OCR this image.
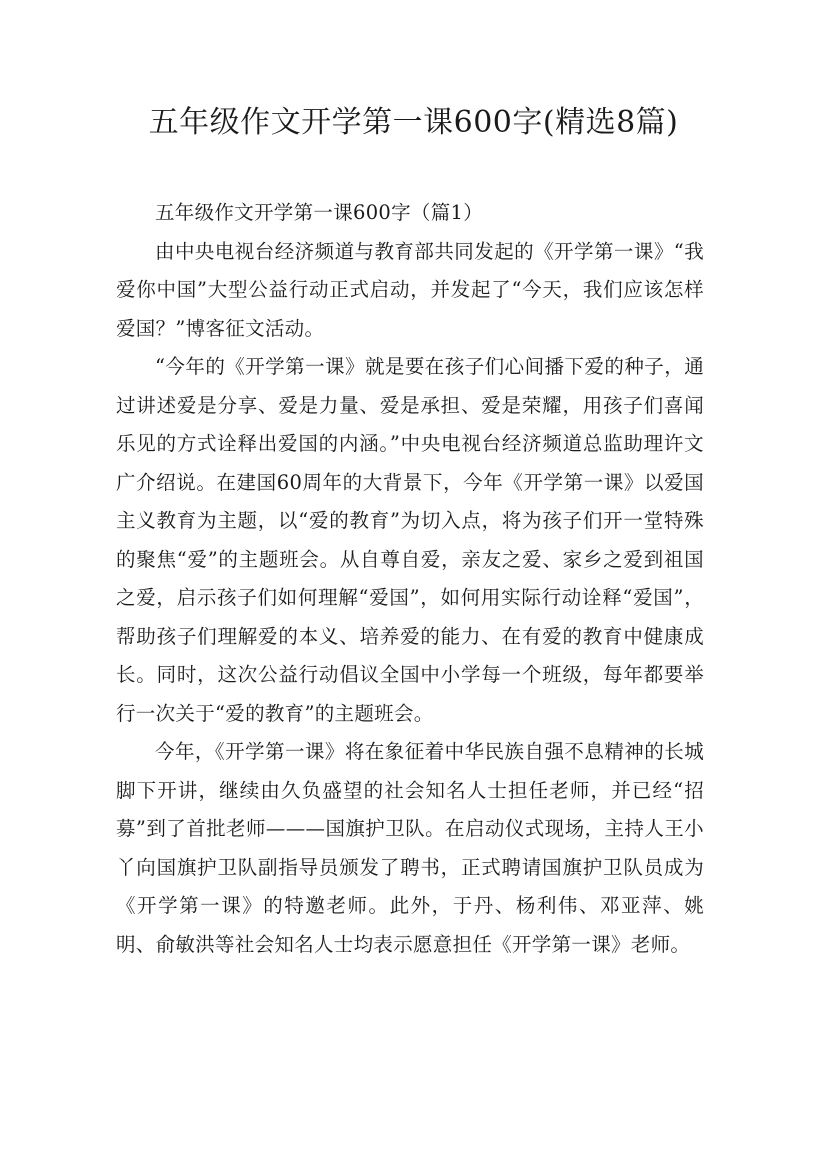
五年级作文开学第一课600字(精选8篇)

五年级作文开学第一课600字（篇1）

由中央电视台经济频道与教育部共同发起的《开学第一课》“我爱你中国”大型公益行动正式启动，并发起了“今天，我们应该怎样爱国？”博客征文活动。

“今年的《开学第一课》就是要在孩子们心间播下爱的种子，通过讲述爱是分享、爱是力量、爱是承担、爱是荣耀，用孩子们喜闻乐见的方式诠释出爱国的内涵。”中央电视台经济频道总监助理许文广介绍说。在建国60周年的大背景下，今年《开学第一课》以爱国主义教育为主题，以“爱的教育”为切入点，将为孩子们开一堂特殊的聚焦“爱”的主题班会。从自尊自爱，亲友之爱、家乡之爱到祖国之爱，启示孩子们如何理解“爱国”，如何用实际行动诠释“爱国”，帮助孩子们理解爱的本义、培养爱的能力、在有爱的教育中健康成长。同时，这次公益行动倡议全国中小学每一个班级，每年都要举行一次关于“爱的教育”的主题班会。

今年，《开学第一课》将在象征着中华民族自强不息精神的长城脚下开讲，继续由久负盛望的社会知名人士担任老师，并已经“招募”到了首批老师———国旗护卫队。在启动仪式现场，主持人王小丫向国旗护卫队副指导员颁发了聘书，正式聘请国旗护卫队员成为《开学第一课》的特邀老师。此外，于丹、杨利伟、邓亚萍、姚明、俞敏洪等社会知名人士均表示愿意担任《开学第一课》老师。
